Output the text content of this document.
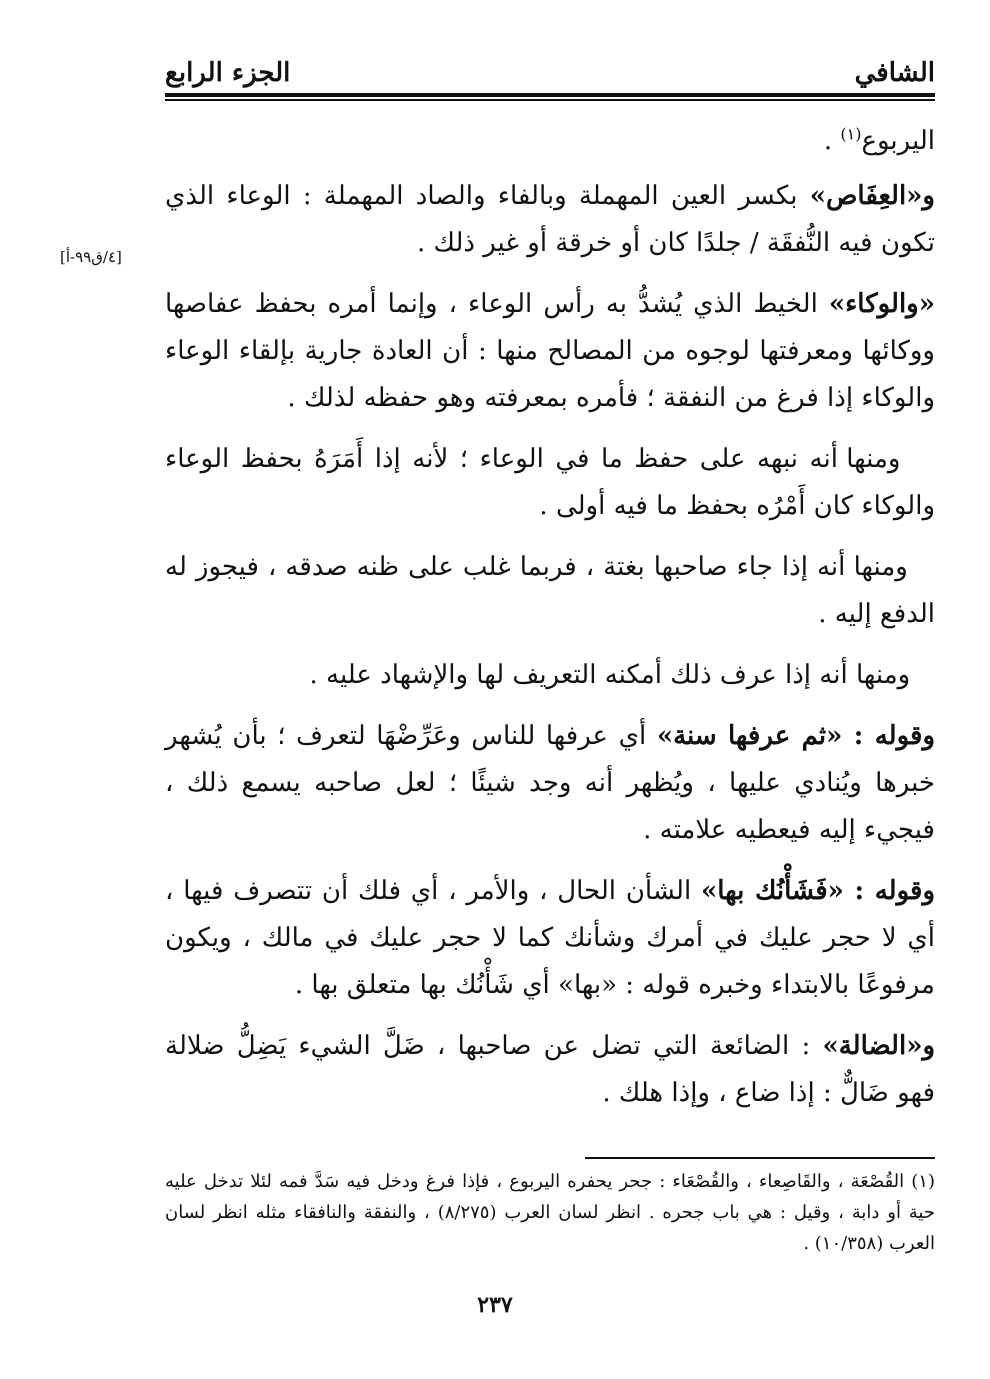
الشافي
الجزء الرابع
[٤/ق٩٩-أ]

اليربوع$^{(١)}$ .

و«العِفَاص» بكسر العين المهملة وبالفاء والصاد المهملة : الوعاء الذي تكون فيه النُّفقَة / جلدًا كان أو خرقة أو غير ذلك .

«والوكاء» الخيط الذي يُشدُّ به رأس الوعاء ، وإنما أمره بحفظ عفاصها ووكائها ومعرفتها لوجوه من المصالح منها : أن العادة جارية بإلقاء الوعاء والوكاء إذا فرغ من النفقة ؛ فأمره بمعرفته وهو حفظه لذلك .

ومنها أنه نبهه على حفظ ما في الوعاء ؛ لأنه إذا أَمَرَهُ بحفظ الوعاء والوكاء كان أَمْرُه بحفظ ما فيه أولى .

ومنها أنه إذا جاء صاحبها بغتة ، فربما غلب على ظنه صدقه ، فيجوز له الدفع إليه .

ومنها أنه إذا عرف ذلك أمكنه التعريف لها والإشهاد عليه .

وقوله : «ثم عرفها سنة» أي عرفها للناس وعَرِّضْهَا لتعرف ؛ بأن يُشهر خبرها ويُنادي عليها ، ويُظهر أنه وجد شيئًا ؛ لعل صاحبه يسمع ذلك ، فيجيء إليه فيعطيه علامته .

وقوله : «فَشَأْنُك بها» الشأن الحال ، والأمر ، أي فلك أن تتصرف فيها ، أي لا حجر عليك في أمرك وشأنك كما لا حجر عليك في مالك ، ويكون مرفوعًا بالابتداء وخبره قوله : «بها» أي شَأْنُك بها متعلق بها .

و«الضالة» : الضائعة التي تضل عن صاحبها ، ضَلَّ الشيء يَضِلُّ ضلالة فهو ضَالٌّ : إذا ضاع ، وإذا هلك .

(١) القُصْعَة ، والقَاصِعاء ، والقُصْعَاء : جحر يحفره اليربوع ، فإذا فرغ ودخل فيه سَدَّ فمه لئلا تدخل عليه حية أو دابة ، وقيل : هي باب جحره . انظر لسان العرب (٨/٢٧٥) ، والنفقة والنافقاء مثله انظر لسان العرب (١٠/٣٥٨) .

٢٣٧
